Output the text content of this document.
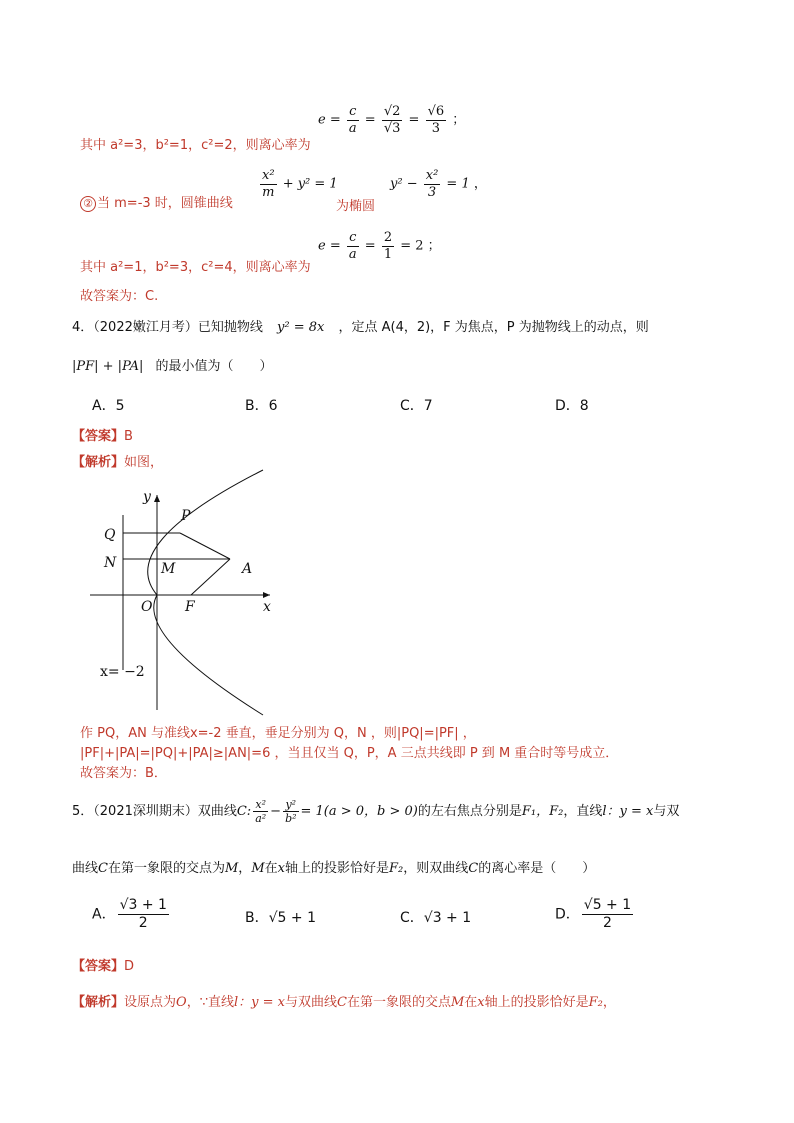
其中 a²=3，b²=1，c²=2，则离心率为
$e = \frac{c}{a} = \frac{√2}{√3} = \frac{√6}{3}$ ；
② 当 m=-3 时，圆锥曲线
$\frac{\text{x²}}{m} + y^2 = 1$
为椭圆
$y^2 - \frac{\text{x²}}{3} = 1$ ，
其中 a²=1，b²=3，c²=4，则离心率为
$e = \frac{c}{a} = \frac{2}{1} = 2$ ；
故答案为：C.
4．（2022嫩江月考）已知抛物线 y² = 8x ，定点 A(4，2)，F 为焦点，P 为抛物线上的动点，则
|PF| + |PA| 的最小值为（　　）
A．5	B．6	C．7	D．8
【答案】B
【解析】如图，
y
x
O
P
Q
N	M	A
F
x= −2
作 PQ，AN 与准线x=-2 垂直，垂足分别为 Q，N ，则|PQ|=|PF| ，
|PF|+|PA|=|PQ|+|PA|≥|AN|=6 ，当且仅当 Q，P，A 三点共线即 P 到 M 重合时等号成立．
故答案为：B．
5．（2021深圳期末）双曲线C: $\frac{\text{x²}}{\text{a²}} - \frac{\text{y²}}{\text{b²}} = 1(a > 0$，b > 0)的左右焦点分别是F₁，F₂，直线l：y = x与双
曲线C在第一象限的交点为M，M在x轴上的投影恰好是F₂，则双曲线C的离心率是（　　）
A． $\frac{√3 + 1}{2}$	B．√5 + 1	C．√3 + 1	D． $\frac{√5 + 1}{2}$
【答案】D
【解析】设原点为O，∵直线l：y = x与双曲线C在第一象限的交点M在x轴上的投影恰好是F₂，
